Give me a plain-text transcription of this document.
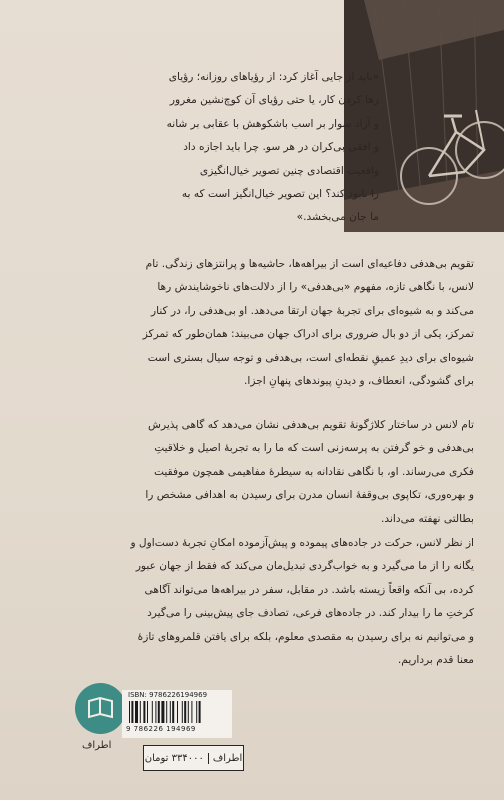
«باید از جایی آغاز کرد: از رؤیاهای روزانه؛ رؤیای
رها کردن کار، یا حتی رؤیای آن کوچ‌نشین مغرور
و آزاد سوار بر اسب باشکوهش با عقابی بر شانه
و افقی بی‌کران در هر سو. چرا باید اجازه داد
واقعیت اقتصادی چنین تصویر خیال‌انگیزی
را نابود کند؟ این تصویر خیال‌انگیز است که به
ما جان می‌بخشد.»
تقویم بی‌هدفی دفاعیه‌ای است از بیراهه‌ها، حاشیه‌ها و پرانتزهای زندگی. تام
لانس، با نگاهی تازه، مفهوم «بی‌هدفی» را از دلالت‌های ناخوشایندش رها
می‌کند و به شیوه‌ای برای تجربهٔ جهان ارتقا می‌دهد. او بی‌هدفی را، در کنار
تمرکز، یکی از دو بال ضروری برای ادراک جهان می‌بیند: همان‌طور که تمرکز
شیوه‌ای برای دیدِ عمیقِ نقطه‌ای است، بی‌هدفی و توجه سیال بستری است
برای گشودگی، انعطاف، و دیدنِ پیوندهای پنهانِ اجزا.
تام لانس در ساختار کلاژگونهٔ تقویم بی‌هدفی نشان می‌دهد که گاهی پذیرش
بی‌هدفی و خو گرفتن به پرسه‌زنی است که ما را به تجربهٔ اصیل و خلاقیتِ
فکری می‌رساند. او، با نگاهی نقادانه به سیطرهٔ مفاهیمی همچون موفقیت
و بهره‌وری، تکاپوی بی‌وقفهٔ انسان مدرن برای رسیدن به اهدافی مشخص را
بطالتی نهفته می‌داند.
از نظر لانس، حرکت در جاده‌های پیموده و پیش‌آزموده امکانِ تجربهٔ دست‌اول و
یگانه را از ما می‌گیرد و به خواب‌گردی تبدیل‌مان می‌کند که فقط از جهان عبور
کرده، بی آنکه واقعاً زیسته باشد. در مقابل، سفر در بیراهه‌ها می‌تواند آگاهی
کرختِ ما را بیدار کند. در جاده‌های فرعی، تصادف جای پیش‌بینی را می‌گیرد
و می‌توانیم نه برای رسیدن به مقصدی معلوم، بلکه برای یافتن قلمروهای تازهٔ
معنا قدم برداریم.
اطراف
ISBN: 9786226194969
9 786226 194969
اطراف
۳۳۴۰۰۰ تومان
